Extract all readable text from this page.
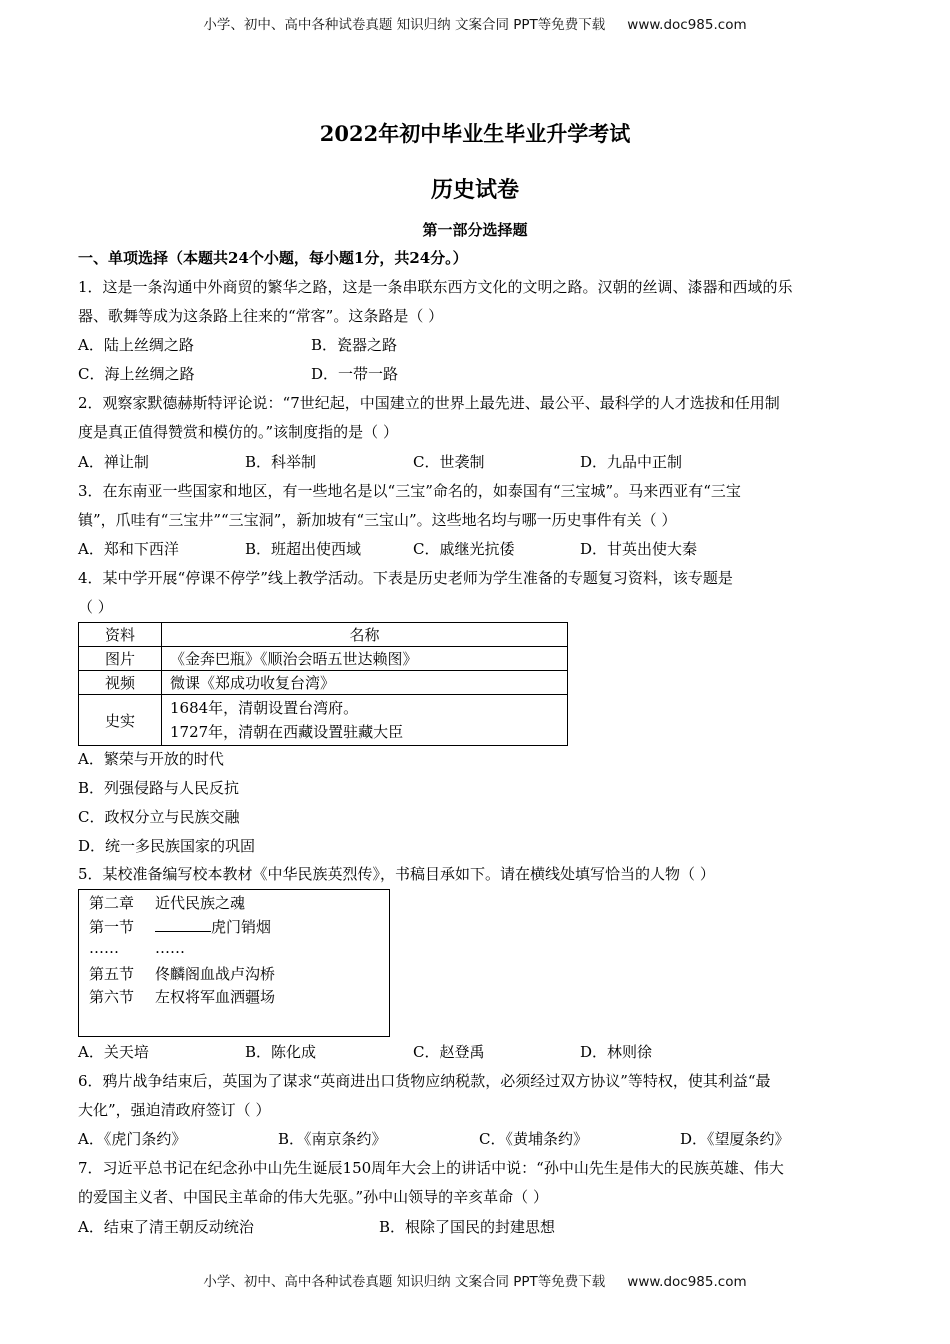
小学、初中、高中各种试卷真题 知识归纳 文案合同 PPT等免费下载 www.doc985.com
2022年初中毕业生毕业升学考试
历史试卷
第一部分选择题
一、单项选择（本题共24个小题，每小题1分，共24分。）
1．这是一条沟通中外商贸的繁华之路，这是一条串联东西方文化的文明之路。汉朝的丝调、漆器和西域的乐
器、歌舞等成为这条路上往来的“常客”。这条路是（ ）
A．陆上丝绸之路	B．瓷器之路
C．海上丝绸之路	D．一带一路
2．观察家默德赫斯特评论说：“7世纪起，中国建立的世界上最先进、最公平、最科学的人才选拔和任用制
度是真正值得赞赏和模仿的。”该制度指的是（ ）
A．禅让制	B．科举制	C．世袭制	D．九品中正制
3．在东南亚一些国家和地区，有一些地名是以“三宝”命名的，如泰国有“三宝城”。马来西亚有“三宝
镇”，爪哇有“三宝井”“三宝洞”，新加坡有“三宝山”。这些地名均与哪一历史事件有关（ ）
A．郑和下西洋	B．班超出使西域	C．戚继光抗倭	D．甘英出使大秦
4．某中学开展“停课不停学”线上教学活动。下表是历史老师为学生准备的专题复习资料，该专题是
（ ）
资料	名称
图片	《金奔巴瓶》《顺治会晤五世达赖图》
视频	微课《郑成功收复台湾》
史实	1684年，清朝设置台湾府。
1727年，清朝在西藏设置驻藏大臣
A．繁荣与开放的时代
B．列强侵路与人民反抗
C．政权分立与民族交融
D．统一多民族国家的巩固
5．某校准备编写校本教材《中华民族英烈传》，书稿目承如下。请在横线处填写恰当的人物（ ）
第二章 近代民族之魂
第一节	虎门销烟
…… ……
第五节 佟麟阁血战卢沟桥
第六节 左权将军血洒疆场
A．关天培	B．陈化成	C．赵登禹	D．林则徐
6．鸦片战争结束后，英国为了谋求“英商进出口货物应纳税款，必须经过双方协议”等特权，使其利益“最
大化”，强迫清政府签订（ ）
A．《虎门条约》	B．《南京条约》	C．《黄埔条约》	D．《望厦条约》
7．习近平总书记在纪念孙中山先生诞辰150周年大会上的讲话中说：“孙中山先生是伟大的民族英雄、伟大
的爱国主义者、中国民主革命的伟大先驱。”孙中山领导的辛亥革命（ ）
A．结束了清王朝反动统治	B．根除了国民的封建思想
小学、初中、高中各种试卷真题 知识归纳 文案合同 PPT等免费下载 www.doc985.com
